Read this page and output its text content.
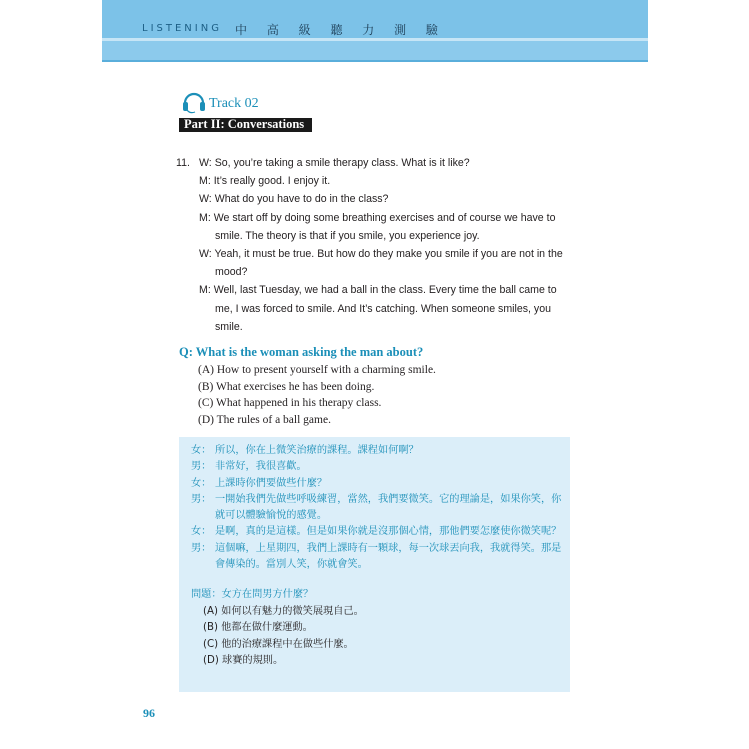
LISTENING 中 高 級 聽 力 測 驗
Track 02
Part II: Conversations
11. W: So, you’re taking a smile therapy class. What is it like?
M: It’s really good. I enjoy it.
W: What do you have to do in the class?
M: We start off by doing some breathing exercises and of course we have to smile. The theory is that if you smile, you experience joy.
W: Yeah, it must be true. But how do they make you smile if you are not in the mood?
M: Well, last Tuesday, we had a ball in the class. Every time the ball came to me, I was forced to smile. And It’s catching. When someone smiles, you smile.
Q: What is the woman asking the man about?
(A) How to present yourself with a charming smile.
(B) What exercises he has been doing.
(C) What happened in his therapy class.
(D) The rules of a ball game.
女： 所以，你在上微笑治療的課程。課程如何啊？
男： 非常好，我很喜歡。
女： 上課時你們要做些什麼？
男： 一開始我們先做些呼吸練習，當然，我們要微笑。它的理論是，如果你笑，你就可以體驗愉悅的感覺。
女： 是啊，真的是這樣。但是如果你就是沒那個心情，那他們要怎麼使你微笑呢？
男： 這個嘛，上星期四，我們上課時有一顆球，每一次球丟向我，我就得笑。那是會傳染的。當別人笑，你就會笑。
問題：女方在問男方什麼？
(A) 如何以有魅力的微笑展現自己。
(B) 他都在做什麼運動。
(C) 他的治療課程中在做些什麼。
(D) 球賽的規則。
96
